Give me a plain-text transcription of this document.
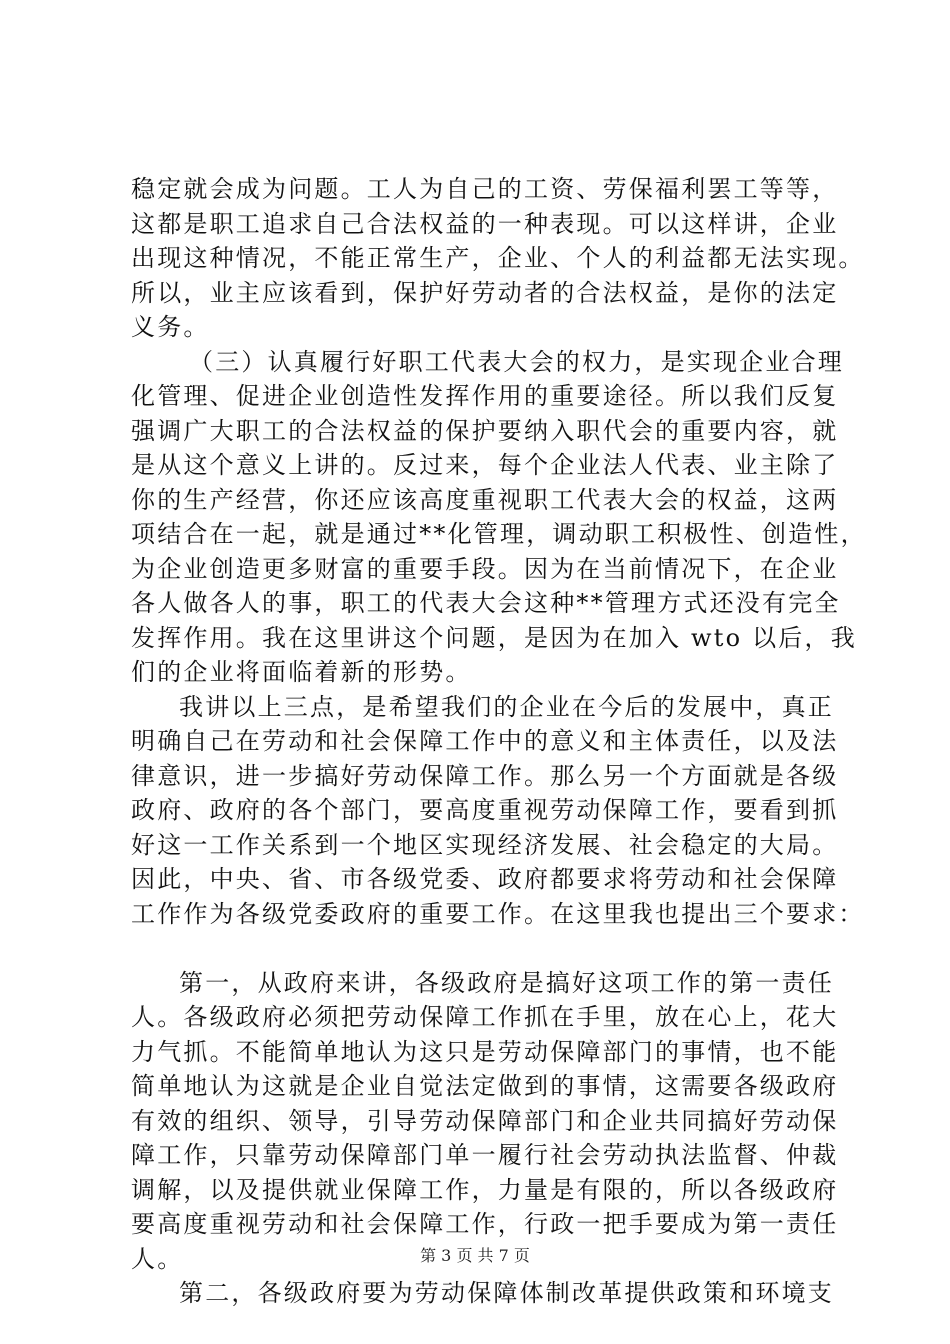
稳定就会成为问题。工人为自己的工资、劳保福利罢工等等，
这都是职工追求自己合法权益的一种表现。可以这样讲，企业
出现这种情况，不能正常生产，企业、个人的利益都无法实现。
所以，业主应该看到，保护好劳动者的合法权益，是你的法定
义务。
（三）认真履行好职工代表大会的权力，是实现企业合理
化管理、促进企业创造性发挥作用的重要途径。所以我们反复
强调广大职工的合法权益的保护要纳入职代会的重要内容，就
是从这个意义上讲的。反过来，每个企业法人代表、业主除了
你的生产经营，你还应该高度重视职工代表大会的权益，这两
项结合在一起，就是通过**化管理，调动职工积极性、创造性，
为企业创造更多财富的重要手段。因为在当前情况下，在企业
各人做各人的事，职工的代表大会这种**管理方式还没有完全
发挥作用。我在这里讲这个问题，是因为在加入 wto 以后，我
们的企业将面临着新的形势。
我讲以上三点，是希望我们的企业在今后的发展中，真正
明确自己在劳动和社会保障工作中的意义和主体责任，以及法
律意识，进一步搞好劳动保障工作。那么另一个方面就是各级
政府、政府的各个部门，要高度重视劳动保障工作，要看到抓
好这一工作关系到一个地区实现经济发展、社会稳定的大局。
因此，中央、省、市各级党委、政府都要求将劳动和社会保障
工作作为各级党委政府的重要工作。在这里我也提出三个要求：
第一，从政府来讲，各级政府是搞好这项工作的第一责任
人。各级政府必须把劳动保障工作抓在手里，放在心上，花大
力气抓。不能简单地认为这只是劳动保障部门的事情，也不能
简单地认为这就是企业自觉法定做到的事情，这需要各级政府
有效的组织、领导，引导劳动保障部门和企业共同搞好劳动保
障工作，只靠劳动保障部门单一履行社会劳动执法监督、仲裁
调解，以及提供就业保障工作，力量是有限的，所以各级政府
要高度重视劳动和社会保障工作，行政一把手要成为第一责任
人。
第二，各级政府要为劳动保障体制改革提供政策和环境支
第 3 页 共 7 页
